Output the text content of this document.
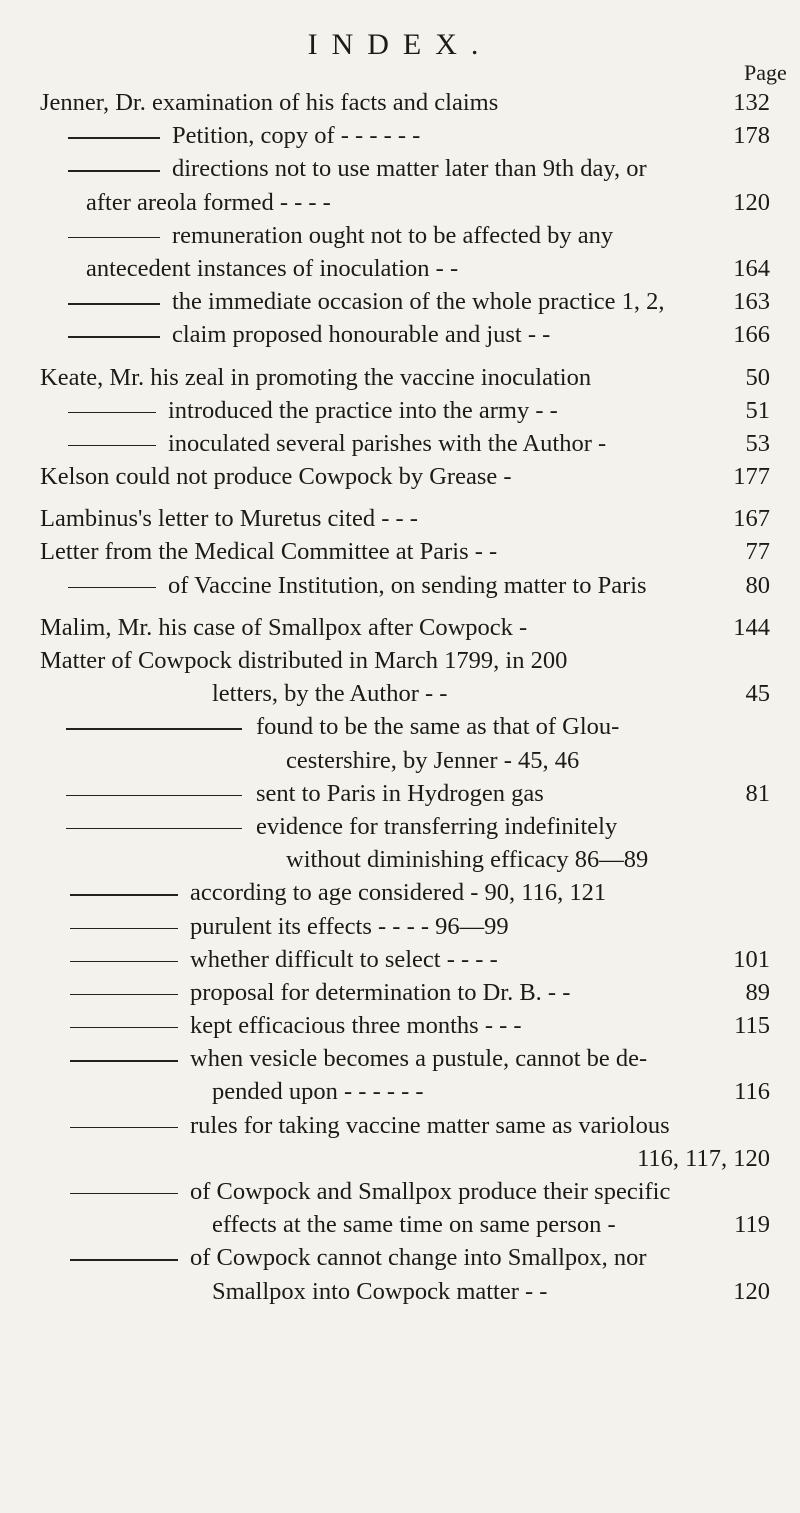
INDEX.
Page
Jenner, Dr. examination of his facts and claims	132
Petition, copy of - - - - - -	178
directions not to use matter later than 9th day, or
after areola formed - - - -	120
remuneration ought not to be affected by any
antecedent instances of inoculation - -	164
the immediate occasion of the whole practice 1, 2,	163
claim proposed honourable and just - -	166
Keate, Mr. his zeal in promoting the vaccine inoculation	50
introduced the practice into the army - -	51
inoculated several parishes with the Author -	53
Kelson could not produce Cowpock by Grease -	177
Lambinus's letter to Muretus cited - - -	167
Letter from the Medical Committee at Paris - -	77
of Vaccine Institution, on sending matter to Paris	80
Malim, Mr. his case of Smallpox after Cowpock -	144
Matter of Cowpock distributed in March 1799, in 200
letters, by the Author - -	45
found to be the same as that of Glou-
cestershire, by Jenner - 45, 46
sent to Paris in Hydrogen gas	81
evidence for transferring indefinitely
without diminishing efficacy 86—89
according to age considered - 90, 116, 121
purulent its effects - - - - 96—99
whether difficult to select - - - -	101
proposal for determination to Dr. B. - -	89
kept efficacious three months - - -	115
when vesicle becomes a pustule, cannot be de-
pended upon - - - - - -	116
rules for taking vaccine matter same as variolous
116, 117, 120
of Cowpock and Smallpox produce their specific
effects at the same time on same person -	119
of Cowpock cannot change into Smallpox, nor
Smallpox into Cowpock matter - -	120
